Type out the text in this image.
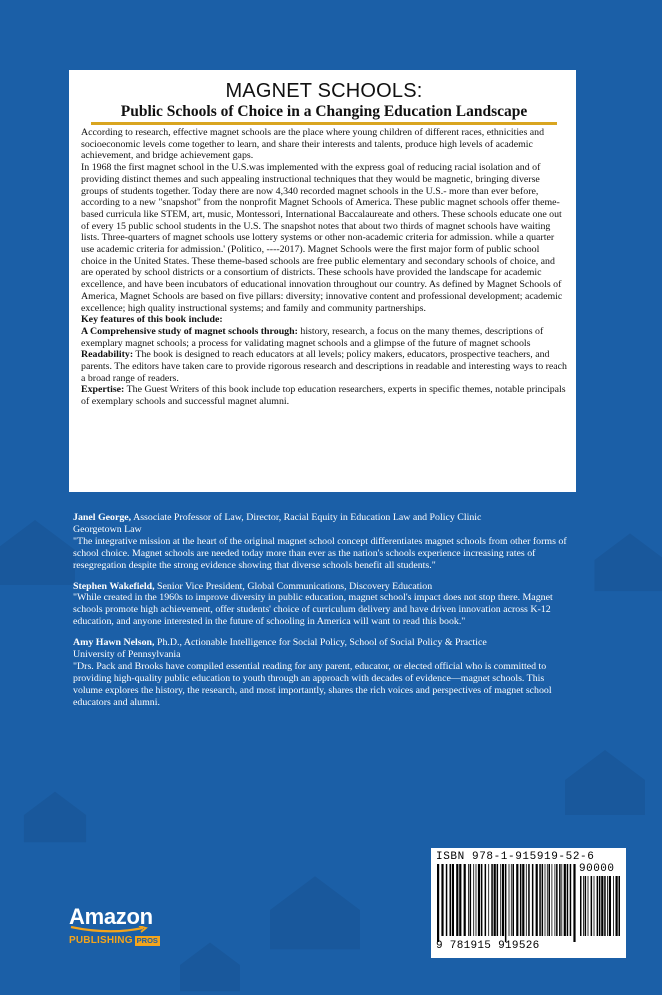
MAGNET SCHOOLS:
Public Schools of Choice in a Changing Education Landscape

According to research, effective magnet schools are the place where young children of different races, ethnicities and socioeconomic levels come together to learn, and share their interests and talents, produce high levels of academic achievement, and bridge achievement gaps.

In 1968 the first magnet school in the U.S.was implemented with the express goal of reducing racial isolation and of providing distinct themes and such appealing instructional techniques that they would be magnetic, bringing diverse groups of students together. Today there are now 4,340 recorded magnet schools in the U.S.- more than ever before, according to a new "snapshot" from the nonprofit Magnet Schools of America. These public magnet schools offer theme-based curricula like STEM, art, music, Montessori, International Baccalaureate and others. These schools educate one out of every 15 public school students in the U.S. The snapshot notes that about two thirds of magnet schools have waiting lists. Three-quarters of magnet schools use lottery systems or other non-academic criteria for admission. while a quarter use academic criteria for admission.' (Politico, ----2017). Magnet Schools were the first major form of public school choice in the United States. These theme-based schools are free public elementary and secondary schools of choice, and are operated by school districts or a consortium of districts. These schools have provided the landscape for academic excellence, and have been incubators of educational innovation throughout our country. As defined by Magnet Schools of America, Magnet Schools are based on five pillars: diversity; innovative content and professional development; academic excellence; high quality instructional systems; and family and community partnerships.

Key features of this book include:

A Comprehensive study of magnet schools through: history, research, a focus on the many themes, descriptions of exemplary magnet schools; a process for validating magnet schools and a glimpse of the future of magnet schools

Readability: The book is designed to reach educators at all levels; policy makers, educators, prospective teachers, and parents. The editors have taken care to provide rigorous research and descriptions in readable and interesting ways to reach a broad range of readers.

Expertise: The Guest Writers of this book include top education researchers, experts in specific themes, notable principals of exemplary schools and successful magnet alumni.

Janel George, Associate Professor of Law, Director, Racial Equity in Education Law and Policy Clinic

Georgetown Law

"The integrative mission at the heart of the original magnet school concept differentiates magnet schools from other forms of school choice. Magnet schools are needed today more than ever as the nation's schools experience increasing rates of resegregation despite the strong evidence showing that diverse schools benefit all students."

Stephen Wakefield, Senior Vice President, Global Communications, Discovery Education

"While created in the 1960s to improve diversity in public education, magnet school's impact does not stop there. Magnet schools promote high achievement, offer students' choice of curriculum delivery and have driven innovation across K-12 education, and anyone interested in the future of schooling in America will want to read this book."

Amy Hawn Nelson, Ph.D., Actionable Intelligence for Social Policy, School of Social Policy & Practice

University of Pennsylvania

"Drs. Pack and Brooks have compiled essential reading for any parent, educator, or elected official who is committed to providing high-quality public education to youth through an approach with decades of evidence—magnet schools. This volume explores the history, the research, and most importantly, shares the rich voices and perspectives of magnet school educators and alumni.

ISBN 978-1-915919-52-6
90000
9 781915 919526
Amazon
PUBLISHING PROS
